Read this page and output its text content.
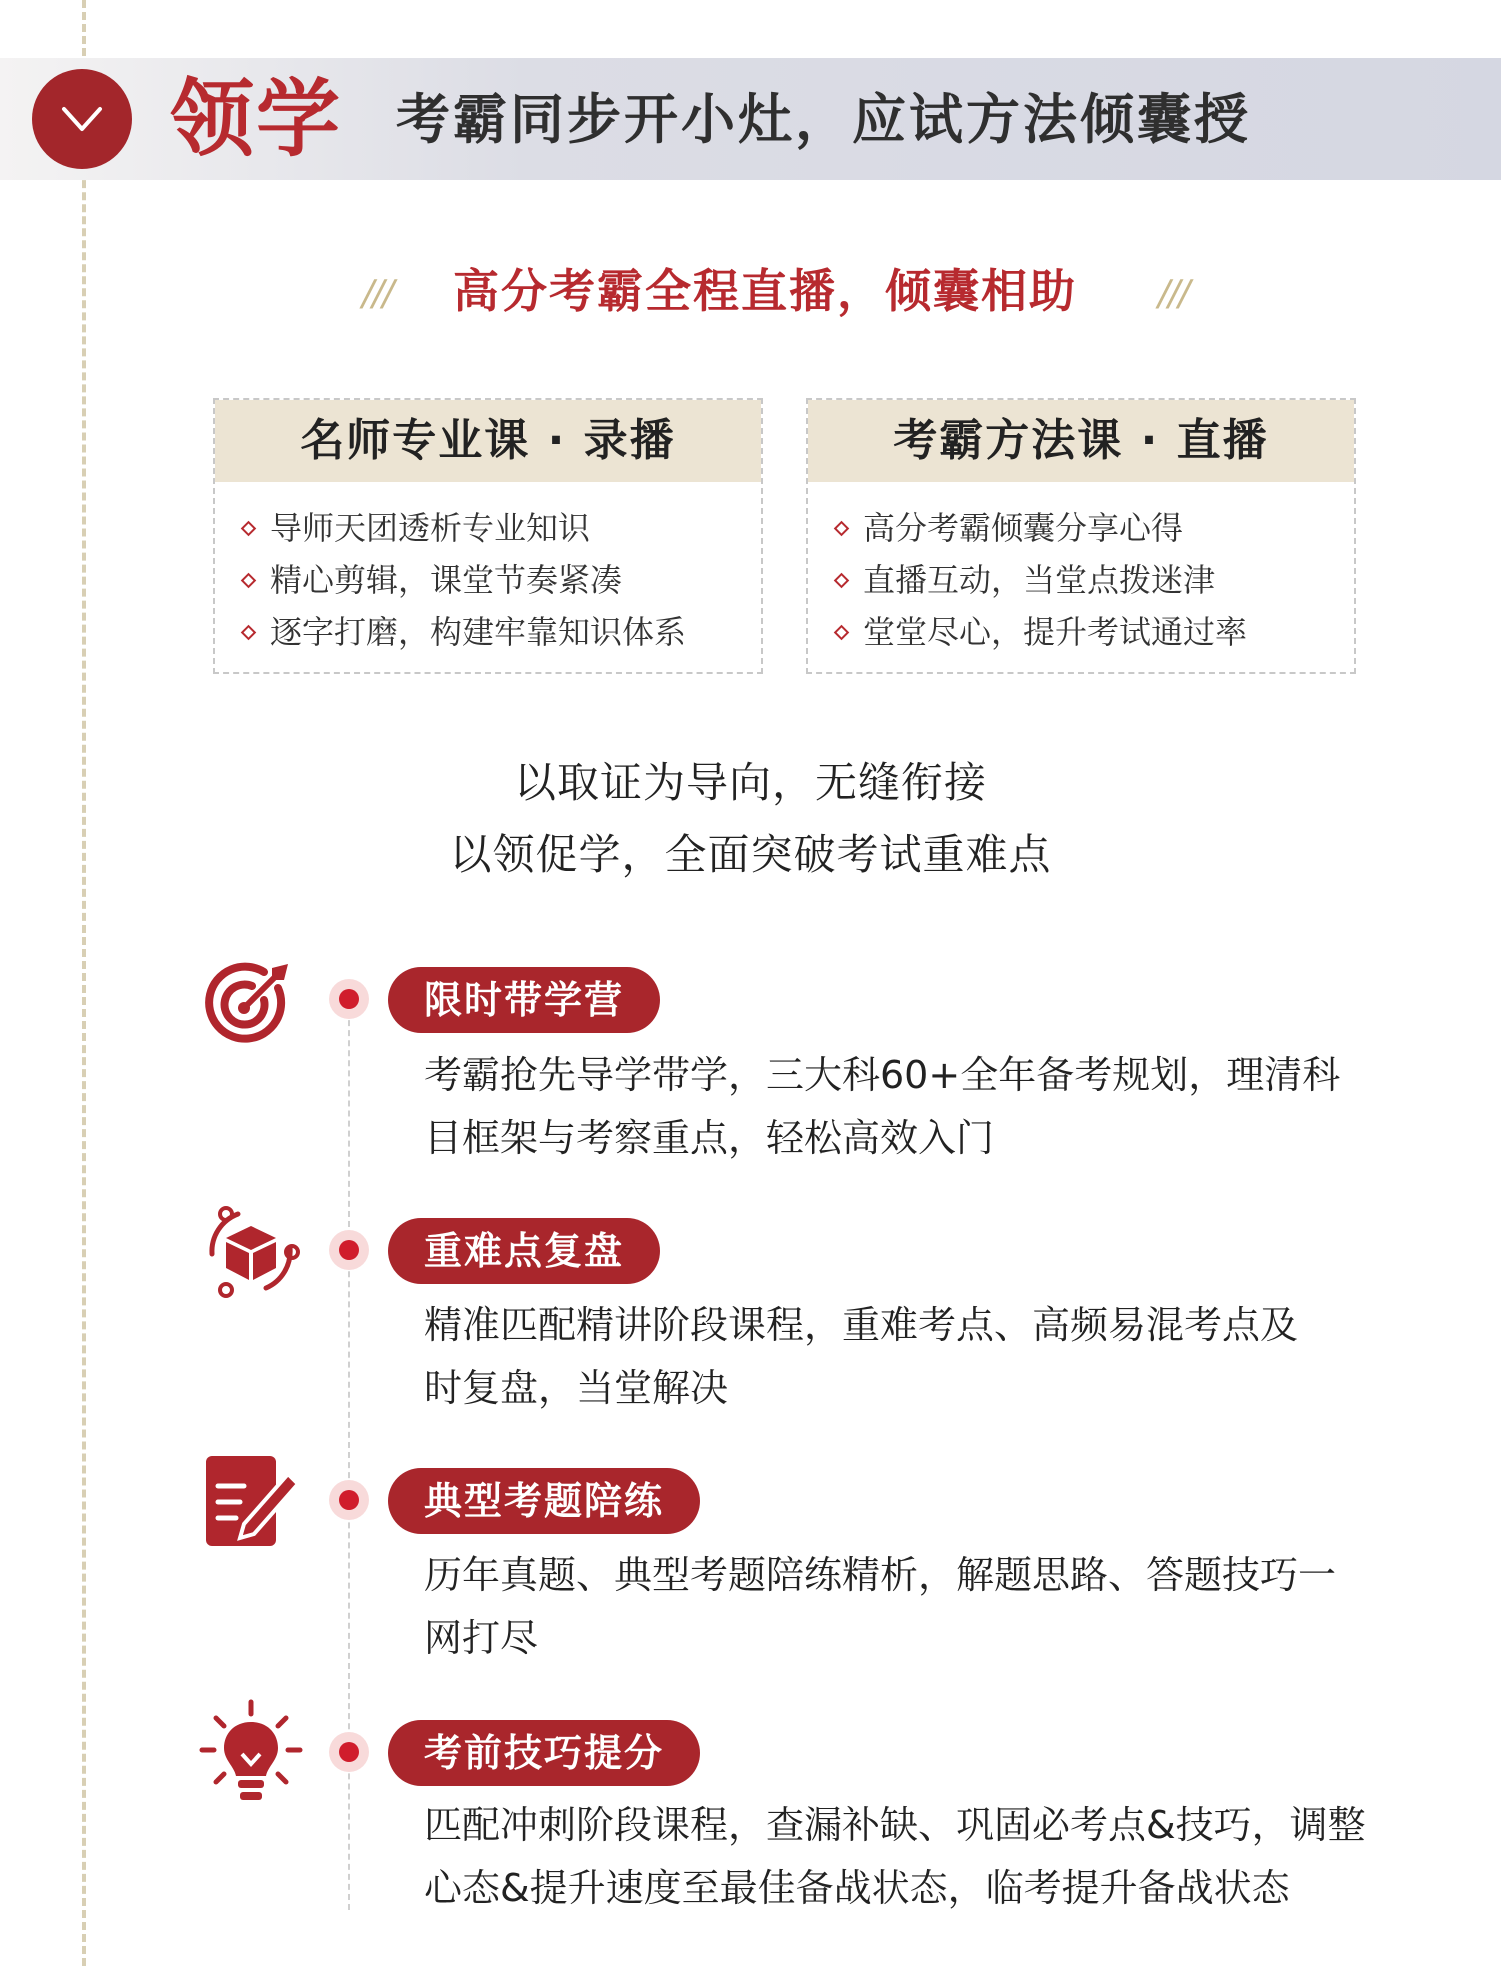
领学 考霸同步开小灶，应试方法倾囊授
///	高分考霸全程直播，倾囊相助	///
名师专业课 · 录播
导师天团透析专业知识
精心剪辑，课堂节奏紧凑
逐字打磨，构建牢靠知识体系
考霸方法课 · 直播
高分考霸倾囊分享心得
直播互动，当堂点拨迷津
堂堂尽心，提升考试通过率
以取证为导向，无缝衔接
以领促学，全面突破考试重难点
限时带学营
考霸抢先导学带学，三大科60+全年备考规划，理清科
目框架与考察重点，轻松高效入门
重难点复盘
精准匹配精讲阶段课程，重难考点、高频易混考点及
时复盘，当堂解决
典型考题陪练
历年真题、典型考题陪练精析，解题思路、答题技巧一
网打尽
考前技巧提分
匹配冲刺阶段课程，查漏补缺、巩固必考点&技巧，调整
心态&提升速度至最佳备战状态，临考提升备战状态
